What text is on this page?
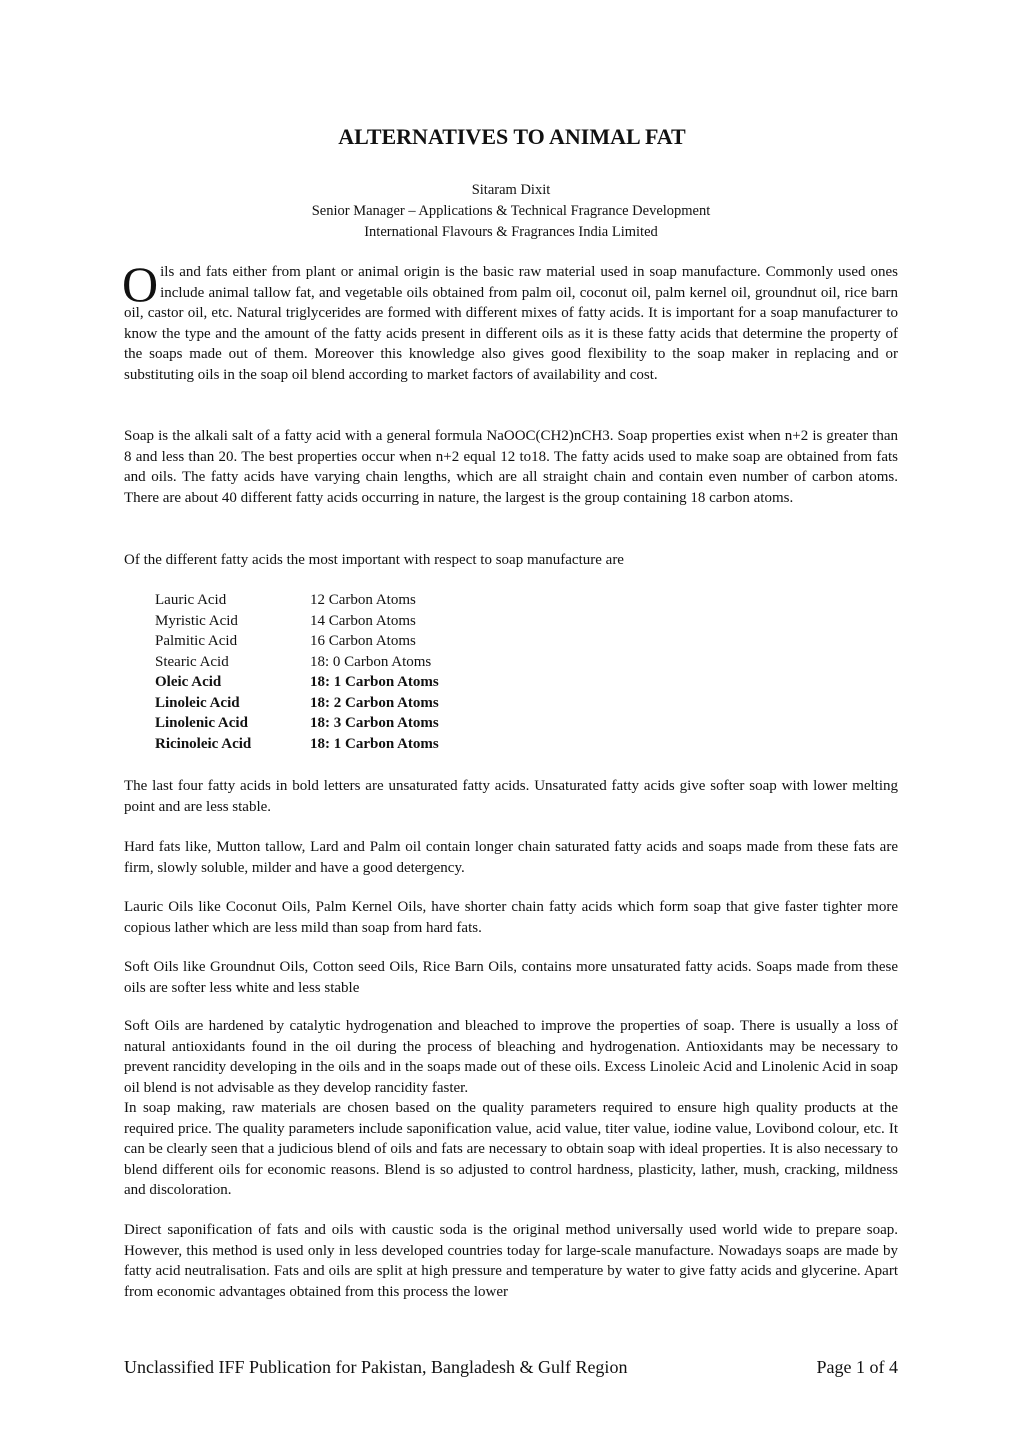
ALTERNATIVES TO ANIMAL FAT
Sitaram Dixit
Senior Manager – Applications & Technical Fragrance Development
International Flavours & Fragrances India Limited
Oils and fats either from plant or animal origin is the basic raw material used in soap manufacture. Commonly used ones include animal tallow fat, and vegetable oils obtained from palm oil, coconut oil, palm kernel oil, groundnut oil, rice barn oil, castor oil, etc. Natural triglycerides are formed with different mixes of fatty acids. It is important for a soap manufacturer to know the type and the amount of the fatty acids present in different oils as it is these fatty acids that determine the property of the soaps made out of them. Moreover this knowledge also gives good flexibility to the soap maker in replacing and or substituting oils in the soap oil blend according to market factors of availability and cost.
Soap is the alkali salt of a fatty acid with a general formula NaOOC(CH2)nCH3. Soap properties exist when n+2 is greater than 8 and less than 20. The best properties occur when n+2 equal 12 to18. The fatty acids used to make soap are obtained from fats and oils. The fatty acids have varying chain lengths, which are all straight chain and contain even number of carbon atoms. There are about 40 different fatty acids occurring in nature, the largest is the group containing 18 carbon atoms.
Of the different fatty acids the most important with respect to soap manufacture are
Lauric Acid	12 Carbon Atoms
Myristic Acid	14 Carbon Atoms
Palmitic Acid	16 Carbon Atoms
Stearic Acid	18: 0 Carbon Atoms
Oleic Acid	18: 1 Carbon Atoms
Linoleic Acid	18: 2 Carbon Atoms
Linolenic Acid	18: 3 Carbon Atoms
Ricinoleic Acid	18: 1 Carbon Atoms
The last four fatty acids in bold letters are unsaturated fatty acids. Unsaturated fatty acids give softer soap with lower melting point and are less stable.
Hard fats like, Mutton tallow, Lard and Palm oil contain longer chain saturated fatty acids and soaps made from these fats are firm, slowly soluble, milder and have a good detergency.
Lauric Oils like Coconut Oils, Palm Kernel Oils, have shorter chain fatty acids which form soap that give faster tighter more copious lather which are less mild than soap from hard fats.
Soft Oils like Groundnut Oils, Cotton seed Oils, Rice Barn Oils, contains more unsaturated fatty acids. Soaps made from these oils are softer less white and less stable
Soft Oils are hardened by catalytic hydrogenation and bleached to improve the properties of soap. There is usually a loss of natural antioxidants found in the oil during the process of bleaching and hydrogenation. Antioxidants may be necessary to prevent rancidity developing in the oils and in the soaps made out of these oils. Excess Linoleic Acid and Linolenic Acid in soap oil blend is not advisable as they develop rancidity faster.
In soap making, raw materials are chosen based on the quality parameters required to ensure high quality products at the required price. The quality parameters include saponification value, acid value, titer value, iodine value, Lovibond colour, etc. It can be clearly seen that a judicious blend of oils and fats are necessary to obtain soap with ideal properties. It is also necessary to blend different oils for economic reasons. Blend is so adjusted to control hardness, plasticity, lather, mush, cracking, mildness and discoloration.
Direct saponification of fats and oils with caustic soda is the original method universally used world wide to prepare soap. However, this method is used only in less developed countries today for large-scale manufacture. Nowadays soaps are made by fatty acid neutralisation. Fats and oils are split at high pressure and temperature by water to give fatty acids and glycerine. Apart from economic advantages obtained from this process the lower
Unclassified IFF Publication for Pakistan, Bangladesh & Gulf Region	Page 1 of 4
